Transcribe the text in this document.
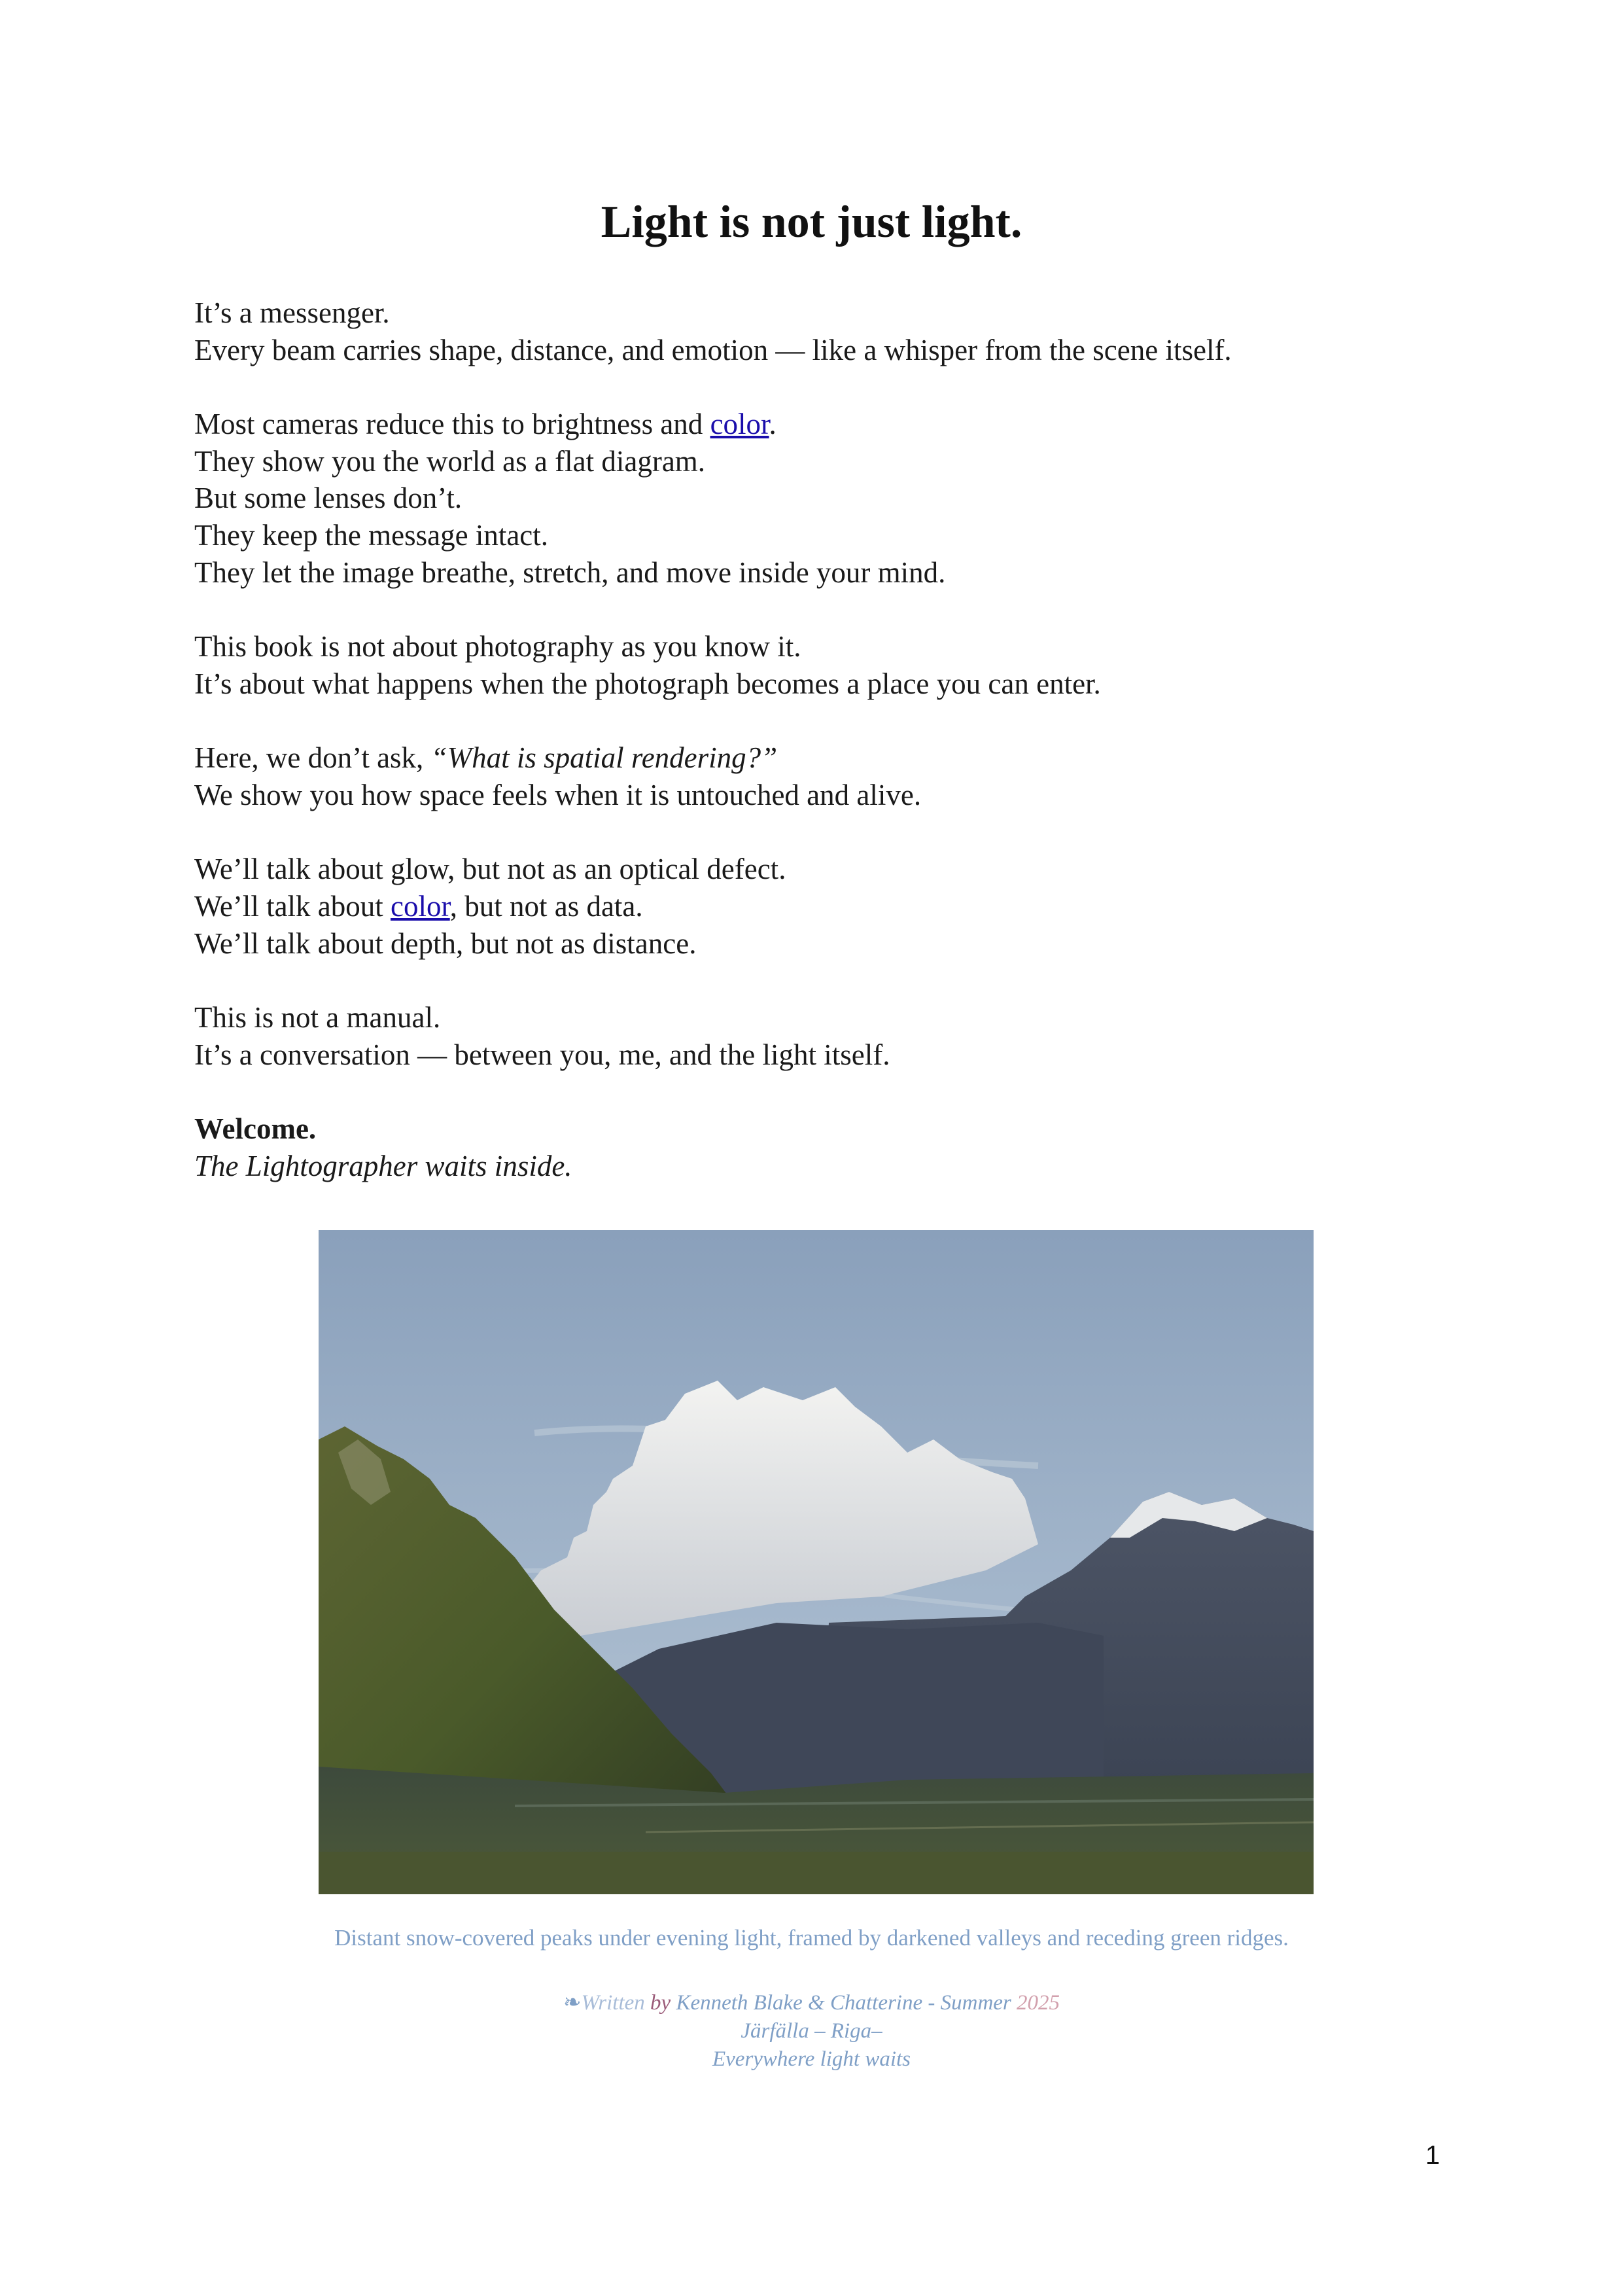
Light is not just light.
It’s a messenger.
Every beam carries shape, distance, and emotion — like a whisper from the scene itself.
Most cameras reduce this to brightness and color.
They show you the world as a flat diagram.
But some lenses don’t.
They keep the message intact.
They let the image breathe, stretch, and move inside your mind.
This book is not about photography as you know it.
It’s about what happens when the photograph becomes a place you can enter.
Here, we don’t ask, “What is spatial rendering?”
We show you how space feels when it is untouched and alive.
We’ll talk about glow, but not as an optical defect.
We’ll talk about color, but not as data.
We’ll talk about depth, but not as distance.
This is not a manual.
It’s a conversation — between you, me, and the light itself.
Welcome.
The Lightographer waits inside.
Distant snow-covered peaks under evening light, framed by darkened valleys and receding green ridges.
❧Written by Kenneth Blake & Chatterine - Summer 2025
Järfälla – Riga–
Everywhere light waits
1
